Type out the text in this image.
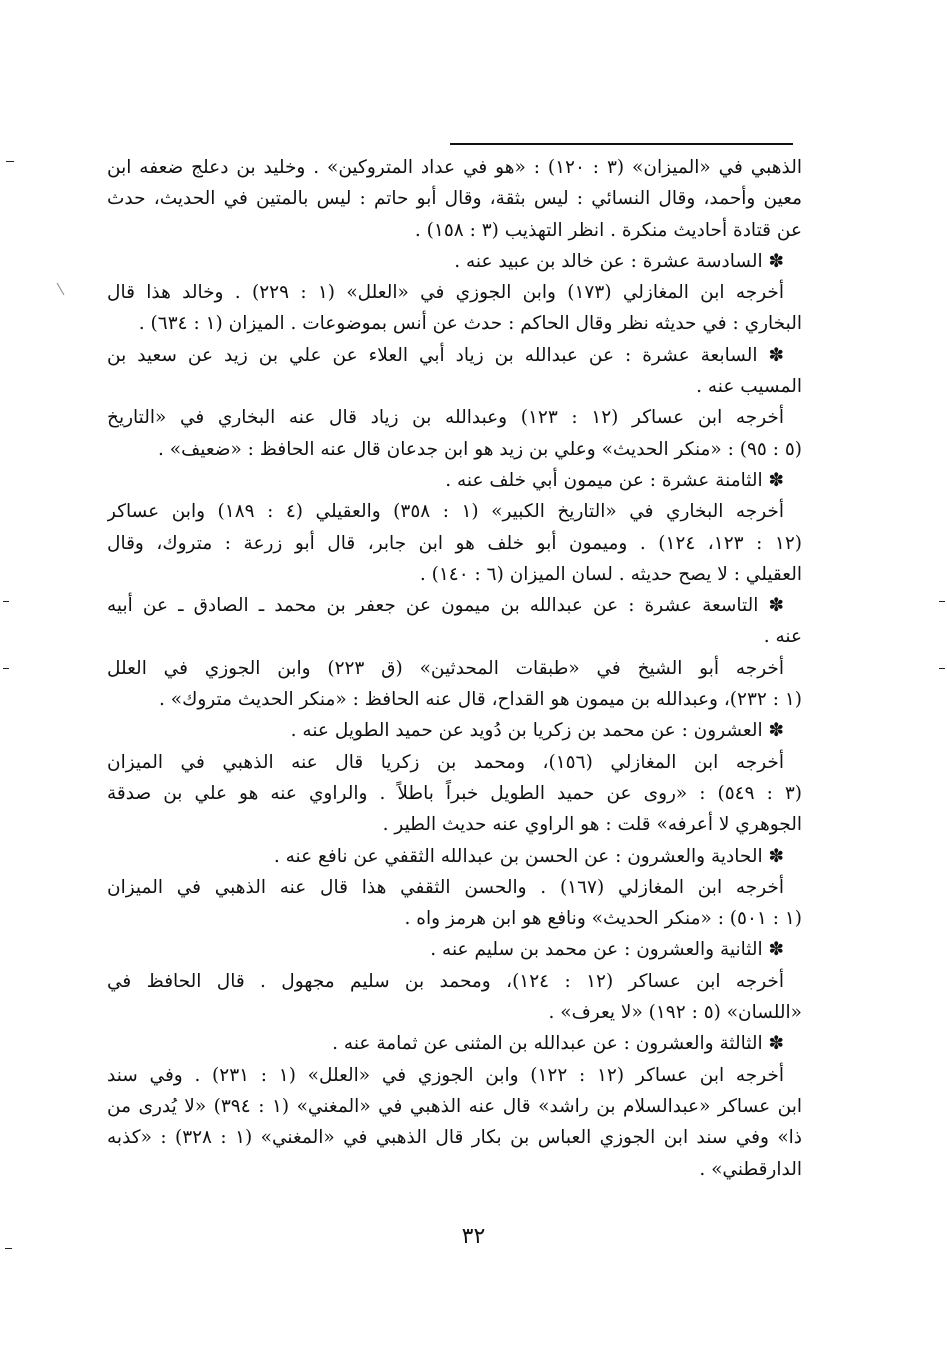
الذهبي في «الميزان» (٣ : ١٢٠) : «هو في عداد المتروكين» . وخليد بن دعلج ضعفه ابن
معين وأحمد، وقال النسائي : ليس بثقة، وقال أبو حاتم : ليس بالمتين في الحديث، حدث
عن قتادة أحاديث منكرة . انظر التهذيب (٣ : ١٥٨) .
✽ السادسة عشرة : عن خالد بن عبيد عنه .
أخرجه ابن المغازلي (١٧٣) وابن الجوزي في «العلل» (١ : ٢٢٩) . وخالد هذا قال
البخاري : في حديثه نظر وقال الحاكم : حدث عن أنس بموضوعات . الميزان (١ : ٦٣٤) .
✽ السابعة عشرة : عن عبدالله بن زياد أبي العلاء عن علي بن زيد عن سعيد بن
المسيب عنه .
أخرجه ابن عساكر (١٢ : ١٢٣) وعبدالله بن زياد قال عنه البخاري في «التاريخ
(٥ : ٩٥) : «منكر الحديث» وعلي بن زيد هو ابن جدعان قال عنه الحافظ : «ضعيف» .
✽ الثامنة عشرة : عن ميمون أبي خلف عنه .
أخرجه البخاري في «التاريخ الكبير» (١ : ٣٥٨) والعقيلي (٤ : ١٨٩) وابن عساكر
(١٢ : ١٢٣، ١٢٤) . وميمون أبو خلف هو ابن جابر، قال أبو زرعة : متروك، وقال
العقيلي : لا يصح حديثه . لسان الميزان (٦ : ١٤٠) .
✽ التاسعة عشرة : عن عبدالله بن ميمون عن جعفر بن محمد ـ الصادق ـ عن أبيه
عنه .
أخرجه أبو الشيخ في «طبقات المحدثين» (ق ٢٢٣) وابن الجوزي في العلل
(١ : ٢٣٢)، وعبدالله بن ميمون هو القداح، قال عنه الحافظ : «منكر الحديث متروك» .
✽ العشرون : عن محمد بن زكريا بن دُويد عن حميد الطويل عنه .
أخرجه ابن المغازلي (١٥٦)، ومحمد بن زكريا قال عنه الذهبي في الميزان
(٣ : ٥٤٩) : «روى عن حميد الطويل خبراً باطلاً . والراوي عنه هو علي بن صدقة
الجوهري لا أعرفه» قلت : هو الراوي عنه حديث الطير .
✽ الحادية والعشرون : عن الحسن بن عبدالله الثقفي عن نافع عنه .
أخرجه ابن المغازلي (١٦٧) . والحسن الثقفي هذا قال عنه الذهبي في الميزان
(١ : ٥٠١) : «منكر الحديث» ونافع هو ابن هرمز واه .
✽ الثانية والعشرون : عن محمد بن سليم عنه .
أخرجه ابن عساكر (١٢ : ١٢٤)، ومحمد بن سليم مجهول . قال الحافظ في
«اللسان» (٥ : ١٩٢) «لا يعرف» .
✽ الثالثة والعشرون : عن عبدالله بن المثنى عن ثمامة عنه .
أخرجه ابن عساكر (١٢ : ١٢٢) وابن الجوزي في «العلل» (١ : ٢٣١) . وفي سند
ابن عساكر «عبدالسلام بن راشد» قال عنه الذهبي في «المغني» (١ : ٣٩٤) «لا يُدرى من
ذا» وفي سند ابن الجوزي العباس بن بكار قال الذهبي في «المغني» (١ : ٣٢٨) : «كذبه
الدارقطني» .
٣٢
